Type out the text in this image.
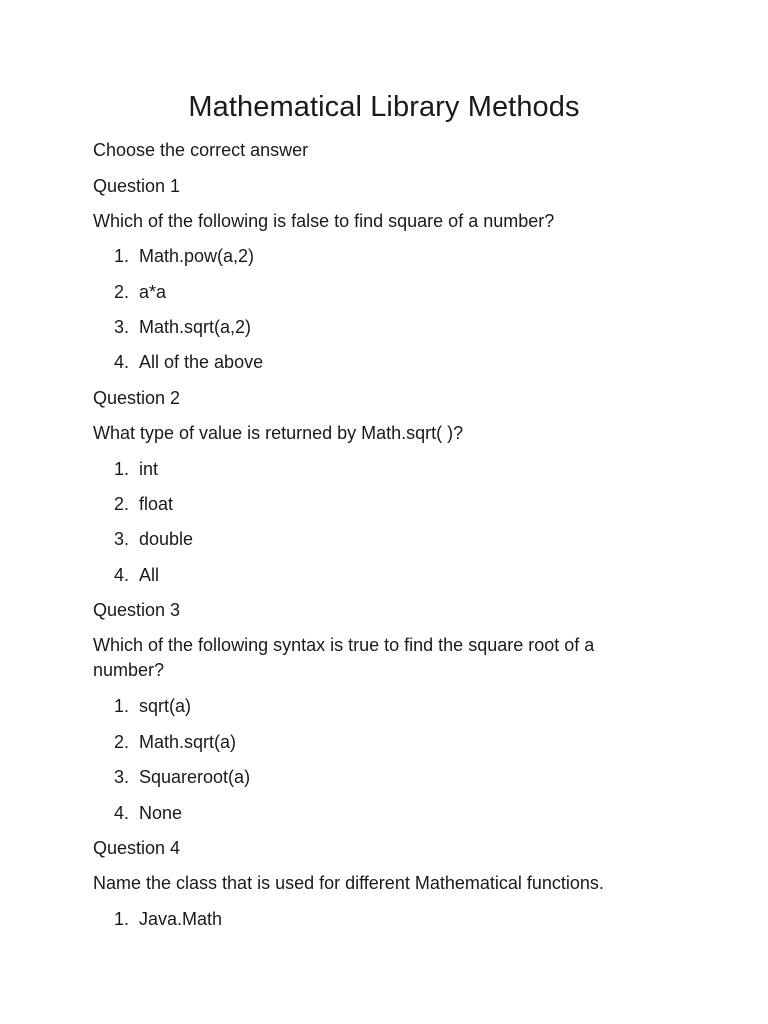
Mathematical Library Methods
Choose the correct answer
Question 1
Which of the following is false to find square of a number?
1. Math.pow(a,2)
2. a*a
3. Math.sqrt(a,2)
4. All of the above
Question 2
What type of value is returned by Math.sqrt( )?
1. int
2. float
3. double
4. All
Question 3
Which of the following syntax is true to find the square root of a number?
1. sqrt(a)
2. Math.sqrt(a)
3. Squareroot(a)
4. None
Question 4
Name the class that is used for different Mathematical functions.
1. Java.Math
